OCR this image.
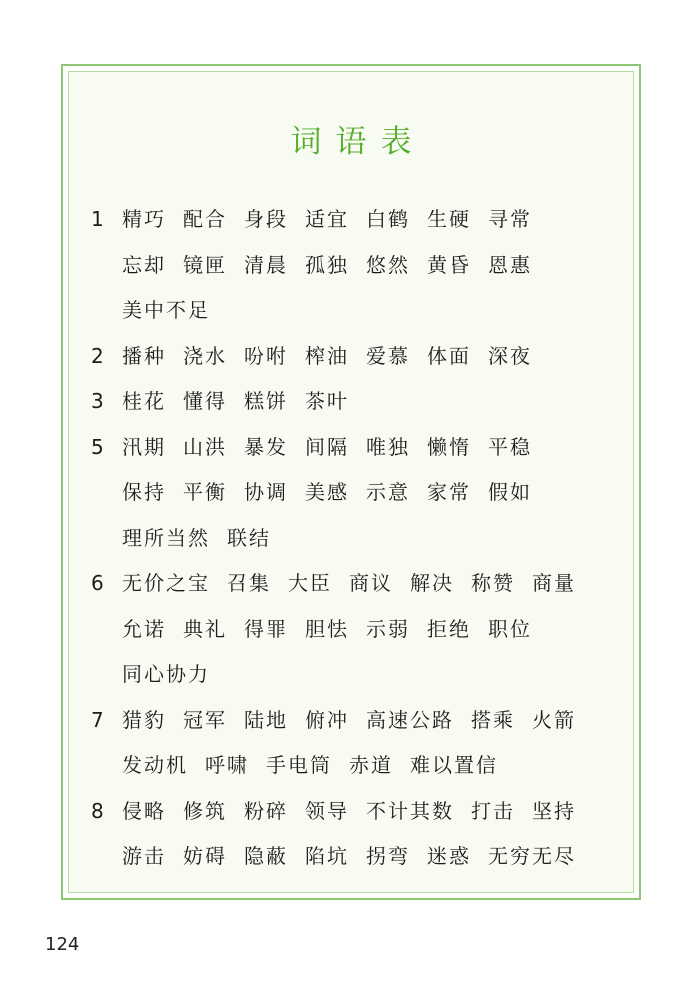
词语表
1 精巧 配合 身段 适宜 白鹤 生硬 寻常
忘却 镜匣 清晨 孤独 悠然 黄昏 恩惠
美中不足
2 播种 浇水 吩咐 榨油 爱慕 体面 深夜
3 桂花 懂得 糕饼 茶叶
5 汛期 山洪 暴发 间隔 唯独 懒惰 平稳
保持 平衡 协调 美感 示意 家常 假如
理所当然 联结
6 无价之宝 召集 大臣 商议 解决 称赞 商量
允诺 典礼 得罪 胆怯 示弱 拒绝 职位
同心协力
7 猎豹 冠军 陆地 俯冲 高速公路 搭乘 火箭
发动机 呼啸 手电筒 赤道 难以置信
8 侵略 修筑 粉碎 领导 不计其数 打击 坚持
游击 妨碍 隐蔽 陷坑 拐弯 迷惑 无穷无尽
124
